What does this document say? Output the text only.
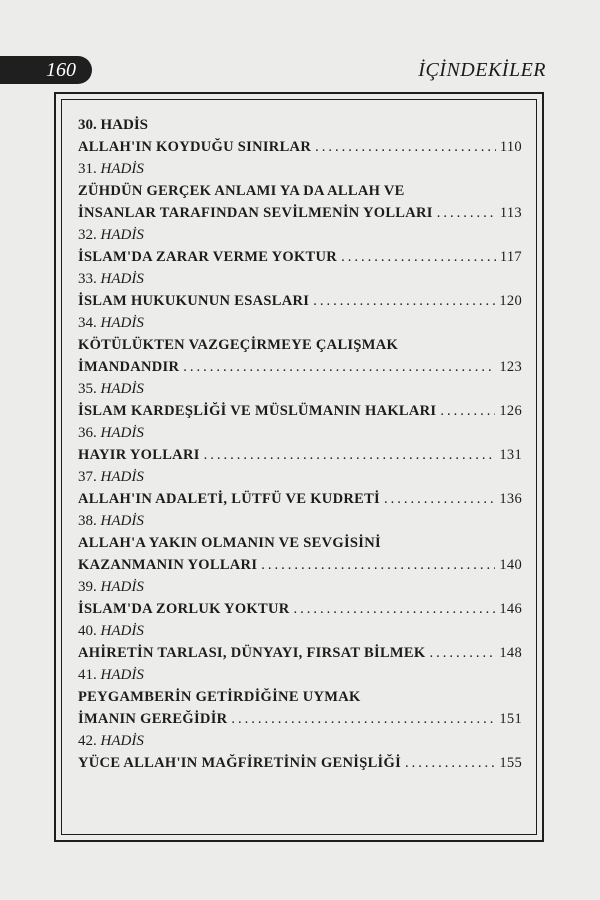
160	İÇİNDEKİLER
30. HADİS
ALLAH'IN KOYDUĞU SINIRLAR .....	110
31. HADİS
ZÜHDÜN GERÇEK ANLAMI YA DA ALLAH VE
İNSANLAR TARAFINDAN SEVİLMENİN YOLLARI .....	113
32. HADİS
İSLAM'DA ZARAR VERME YOKTUR .....	117
33. HADİS
İSLAM HUKUKUNUN ESASLARI .....	120
34. HADİS
KÖTÜLÜKTEN VAZGEÇİRMEYE ÇALIŞMAK
İMANDANDIR .....	123
35. HADİS
İSLAM KARDEŞLİĞİ VE MÜSLÜMANIN HAKLARI .....	126
36. HADİS
HAYIR YOLLARI .....	131
37. HADİS
ALLAH'IN ADALETİ, LÜTFÜ VE KUDRETİ .....	136
38. HADİS
ALLAH'A YAKIN OLMANIN VE SEVGİSİNİ
KAZANMANIN YOLLARI .....	140
39. HADİS
İSLAM'DA ZORLUK YOKTUR .....	146
40. HADİS
AHİRETİN TARLASI, DÜNYAYI, FIRSAT BİLMEK .....	148
41. HADİS
PEYGAMBERİN GETİRDİĞİNE UYMAK
İMANIN GEREĞİDİR .....	151
42. HADİS
YÜCE ALLAH'IN MAĞFİRETİNİN GENİŞLİĞİ .....	155
